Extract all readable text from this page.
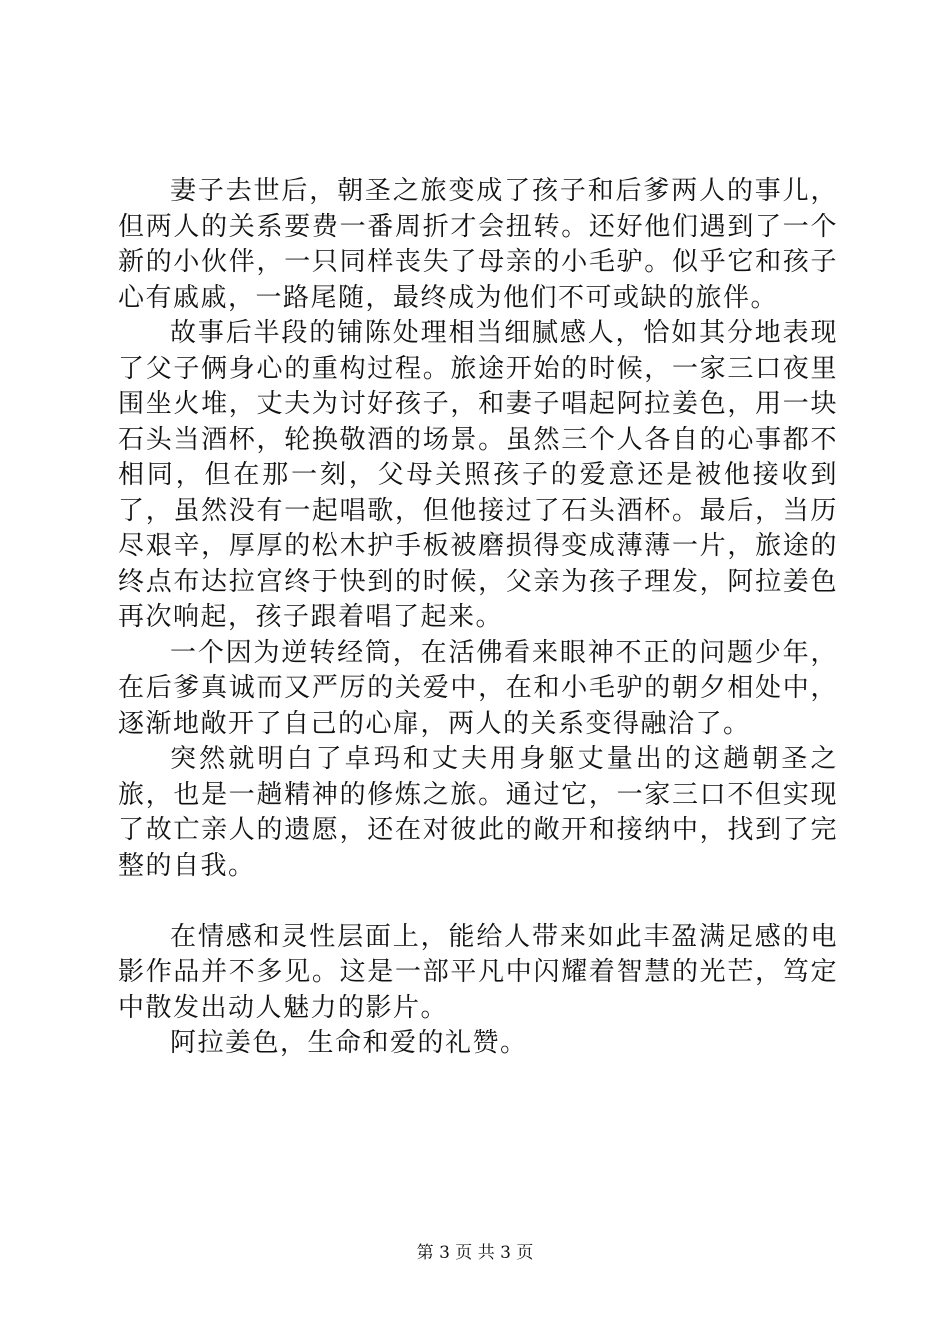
妻子去世后，朝圣之旅变成了孩子和后爹两人的事儿，但两人的关系要费一番周折才会扭转。还好他们遇到了一个新的小伙伴，一只同样丧失了母亲的小毛驴。似乎它和孩子心有戚戚，一路尾随，最终成为他们不可或缺的旅伴。

故事后半段的铺陈处理相当细腻感人，恰如其分地表现了父子俩身心的重构过程。旅途开始的时候，一家三口夜里围坐火堆，丈夫为讨好孩子，和妻子唱起阿拉姜色，用一块石头当酒杯，轮换敬酒的场景。虽然三个人各自的心事都不相同，但在那一刻，父母关照孩子的爱意还是被他接收到了，虽然没有一起唱歌，但他接过了石头酒杯。最后，当历尽艰辛，厚厚的松木护手板被磨损得变成薄薄一片，旅途的终点布达拉宫终于快到的时候，父亲为孩子理发，阿拉姜色再次响起，孩子跟着唱了起来。

一个因为逆转经筒，在活佛看来眼神不正的问题少年，在后爹真诚而又严厉的关爱中，在和小毛驴的朝夕相处中，逐渐地敞开了自己的心扉，两人的关系变得融洽了。

突然就明白了卓玛和丈夫用身躯丈量出的这趟朝圣之旅，也是一趟精神的修炼之旅。通过它，一家三口不但实现了故亡亲人的遗愿，还在对彼此的敞开和接纳中，找到了完整的自我。

在情感和灵性层面上，能给人带来如此丰盈满足感的电影作品并不多见。这是一部平凡中闪耀着智慧的光芒，笃定中散发出动人魅力的影片。

阿拉姜色，生命和爱的礼赞。

第 3 页 共 3 页
